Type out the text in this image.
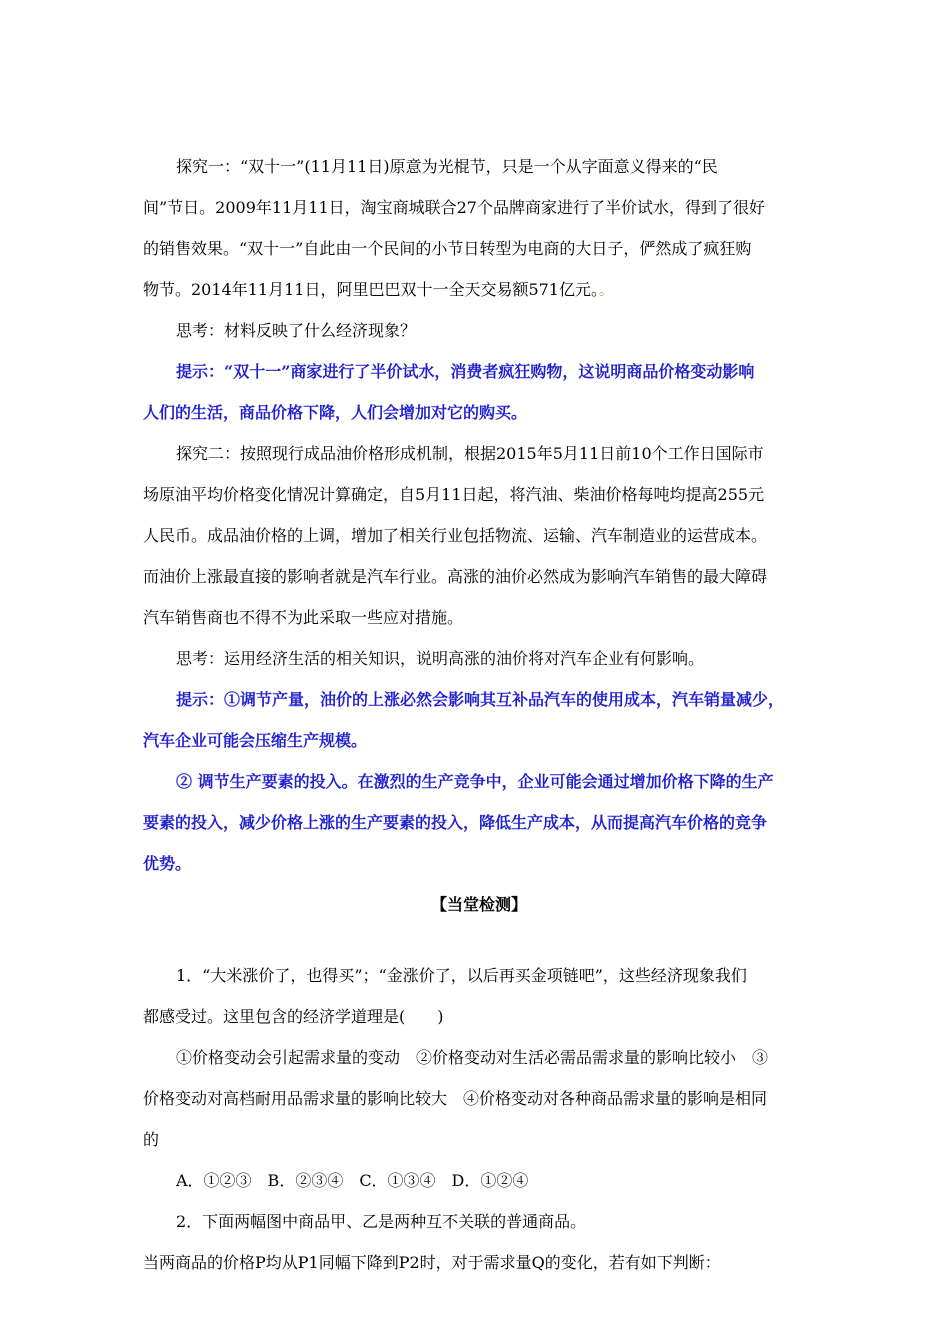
探究一：“双十一”(11月11日)原意为光棍节，只是一个从字面意义得来的“民
间”节日。2009年11月11日，淘宝商城联合27个品牌商家进行了半价试水，得到了很好
的销售效果。“双十一”自此由一个民间的小节日转型为电商的大日子，俨然成了疯狂购
物节。2014年11月11日，阿里巴巴双十一全天交易额571亿元。。
思考：材料反映了什么经济现象？
提示：“双十一”商家进行了半价试水，消费者疯狂购物，这说明商品价格变动影响
人们的生活，商品价格下降，人们会增加对它的购买。
探究二：按照现行成品油价格形成机制，根据2015年5月11日前10个工作日国际市
场原油平均价格变化情况计算确定，自5月11日起，将汽油、柴油价格每吨均提高255元
人民币。成品油价格的上调，增加了相关行业包括物流、运输、汽车制造业的运营成本。
而油价上涨最直接的影响者就是汽车行业。高涨的油价必然成为影响汽车销售的最大障碍
汽车销售商也不得不为此采取一些应对措施。
思考：运用经济生活的相关知识，说明高涨的油价将对汽车企业有何影响。
提示：①调节产量，油价的上涨必然会影响其互补品汽车的使用成本，汽车销量减少，
汽车企业可能会压缩生产规模。
② 调节生产要素的投入。在激烈的生产竞争中，企业可能会通过增加价格下降的生产
要素的投入，减少价格上涨的生产要素的投入，降低生产成本，从而提高汽车价格的竞争
优势。
【当堂检测】
1．“大米涨价了，也得买”；“金涨价了，以后再买金项链吧”，这些经济现象我们
都感受过。这里包含的经济学道理是(　　)
①价格变动会引起需求量的变动　②价格变动对生活必需品需求量的影响比较小　③
价格变动对高档耐用品需求量的影响比较大　④价格变动对各种商品需求量的影响是相同
的
A．①②③　B．②③④　C．①③④　D．①②④
2．下面两幅图中商品甲、乙是两种互不关联的普通商品。
当两商品的价格P均从P1同幅下降到P2时，对于需求量Q的变化，若有如下判断：
